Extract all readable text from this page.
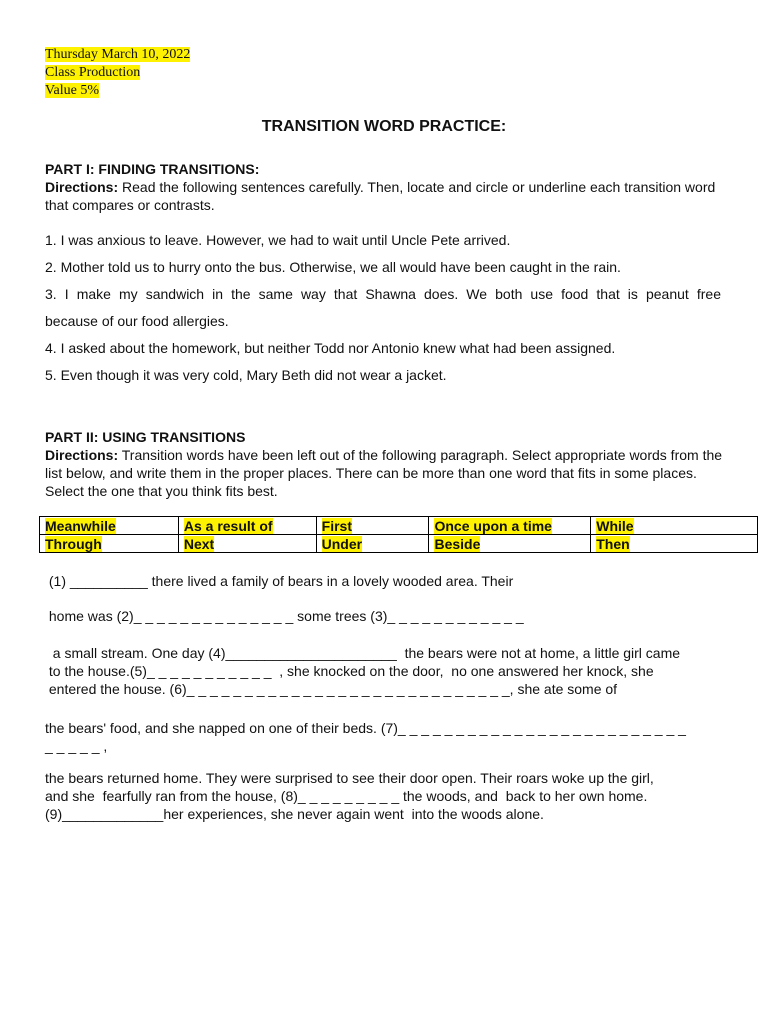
Thursday March 10, 2022
Class Production
Value 5%
TRANSITION WORD PRACTICE:
PART I: FINDING TRANSITIONS:
Directions: Read the following sentences carefully. Then, locate and circle or underline each transition word that compares or contrasts.

1. I was anxious to leave. However, we had to wait until Uncle Pete arrived.

2. Mother told us to hurry onto the bus. Otherwise, we all would have been caught in the rain.

3. I make my sandwich in the same way that Shawna does. We both use food that is peanut free

because of our food allergies.

4. I asked about the homework, but neither Todd nor Antonio knew what had been assigned.

5. Even though it was very cold, Mary Beth did not wear a jacket.

PART II: USING TRANSITIONS
Directions: Transition words have been left out of the following paragraph. Select appropriate words from the list below, and write them in the proper places. There can be more than one word that fits in some places. Select the one that you think fits best.
Meanwhile	As a result of	First	Once upon a time	While
Through	Next	Under	Beside	Then
(1) __________ there lived a family of bears in a lovely wooded area. Their
home was (2)_ _ _ _ _ _ _ _ _ _ _ _ _ _ some trees (3)_ _ _ _ _ _ _ _ _ _ _ _
a small stream. One day (4)______________________  the bears were not at home, a little girl came
to the house.(5)_ _ _ _ _ _ _ _ _ _ _  , she knocked on the door,  no one answered her knock, she
entered the house. (6)_ _ _ _ _ _ _ _ _ _ _ _ _ _ _ _ _ _ _ _ _ _ _ _ _ _ _ _, she ate some of
the bears' food, and she napped on one of their beds. (7)_ _ _ _ _ _ _ _ _ _ _ _ _ _ _ _ _ _ _ _ _ _ _ _ _
_ _ _ _ _ ,
the bears returned home. They were surprised to see their door open. Their roars woke up the girl,
and she  fearfully ran from the house, (8)_ _ _ _ _ _ _ _ _ the woods, and  back to her own home.
(9)_____________her experiences, she never again went  into the woods alone.
